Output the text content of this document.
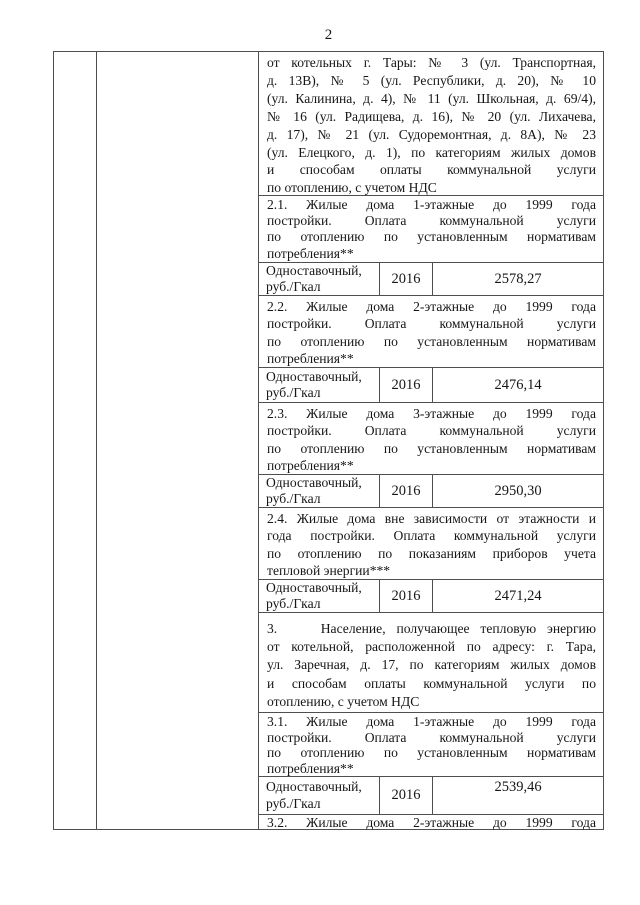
2
от котельных г. Тары: № 3 (ул. Транспортная,
д. 13В), № 5 (ул. Республики, д. 20), № 10
(ул. Калинина, д. 4), № 11 (ул. Школьная, д. 69/4),
№ 16 (ул. Радищева, д. 16), № 20 (ул. Лихачева,
д. 17), № 21 (ул. Судоремонтная, д. 8А), № 23
(ул. Елецкого, д. 1), по категориям жилых домов
и способам оплаты коммунальной услуги
по отоплению, с учетом НДС
2.1. Жилые дома 1-этажные до 1999 года
постройки. Оплата коммунальной услуги
по отоплению по установленным нормативам
потребления**
Одноставочный,
руб./Гкал	2016	2578,27
2.2. Жилые дома 2-этажные до 1999 года
постройки. Оплата коммунальной услуги
по отоплению по установленным нормативам
потребления**
Одноставочный,
руб./Гкал	2016	2476,14
2.3. Жилые дома 3-этажные до 1999 года
постройки. Оплата коммунальной услуги
по отоплению по установленным нормативам
потребления**
Одноставочный,
руб./Гкал	2016	2950,30
2.4. Жилые дома вне зависимости от этажности и
года постройки. Оплата коммунальной услуги
по отоплению по показаниям приборов учета
тепловой энергии***
Одноставочный,
руб./Гкал	2016	2471,24
3.    Население, получающее тепловую энергию
от котельной, расположенной по адресу: г. Тара,
ул. Заречная, д. 17, по категориям жилых домов
и способам оплаты коммунальной услуги по
отоплению, с учетом НДС
3.1. Жилые дома 1-этажные до 1999 года
постройки. Оплата коммунальной услуги
по отоплению по установленным нормативам
потребления**
Одноставочный,
руб./Гкал
2016	2539,46
3.2. Жилые дома 2-этажные до 1999 года
